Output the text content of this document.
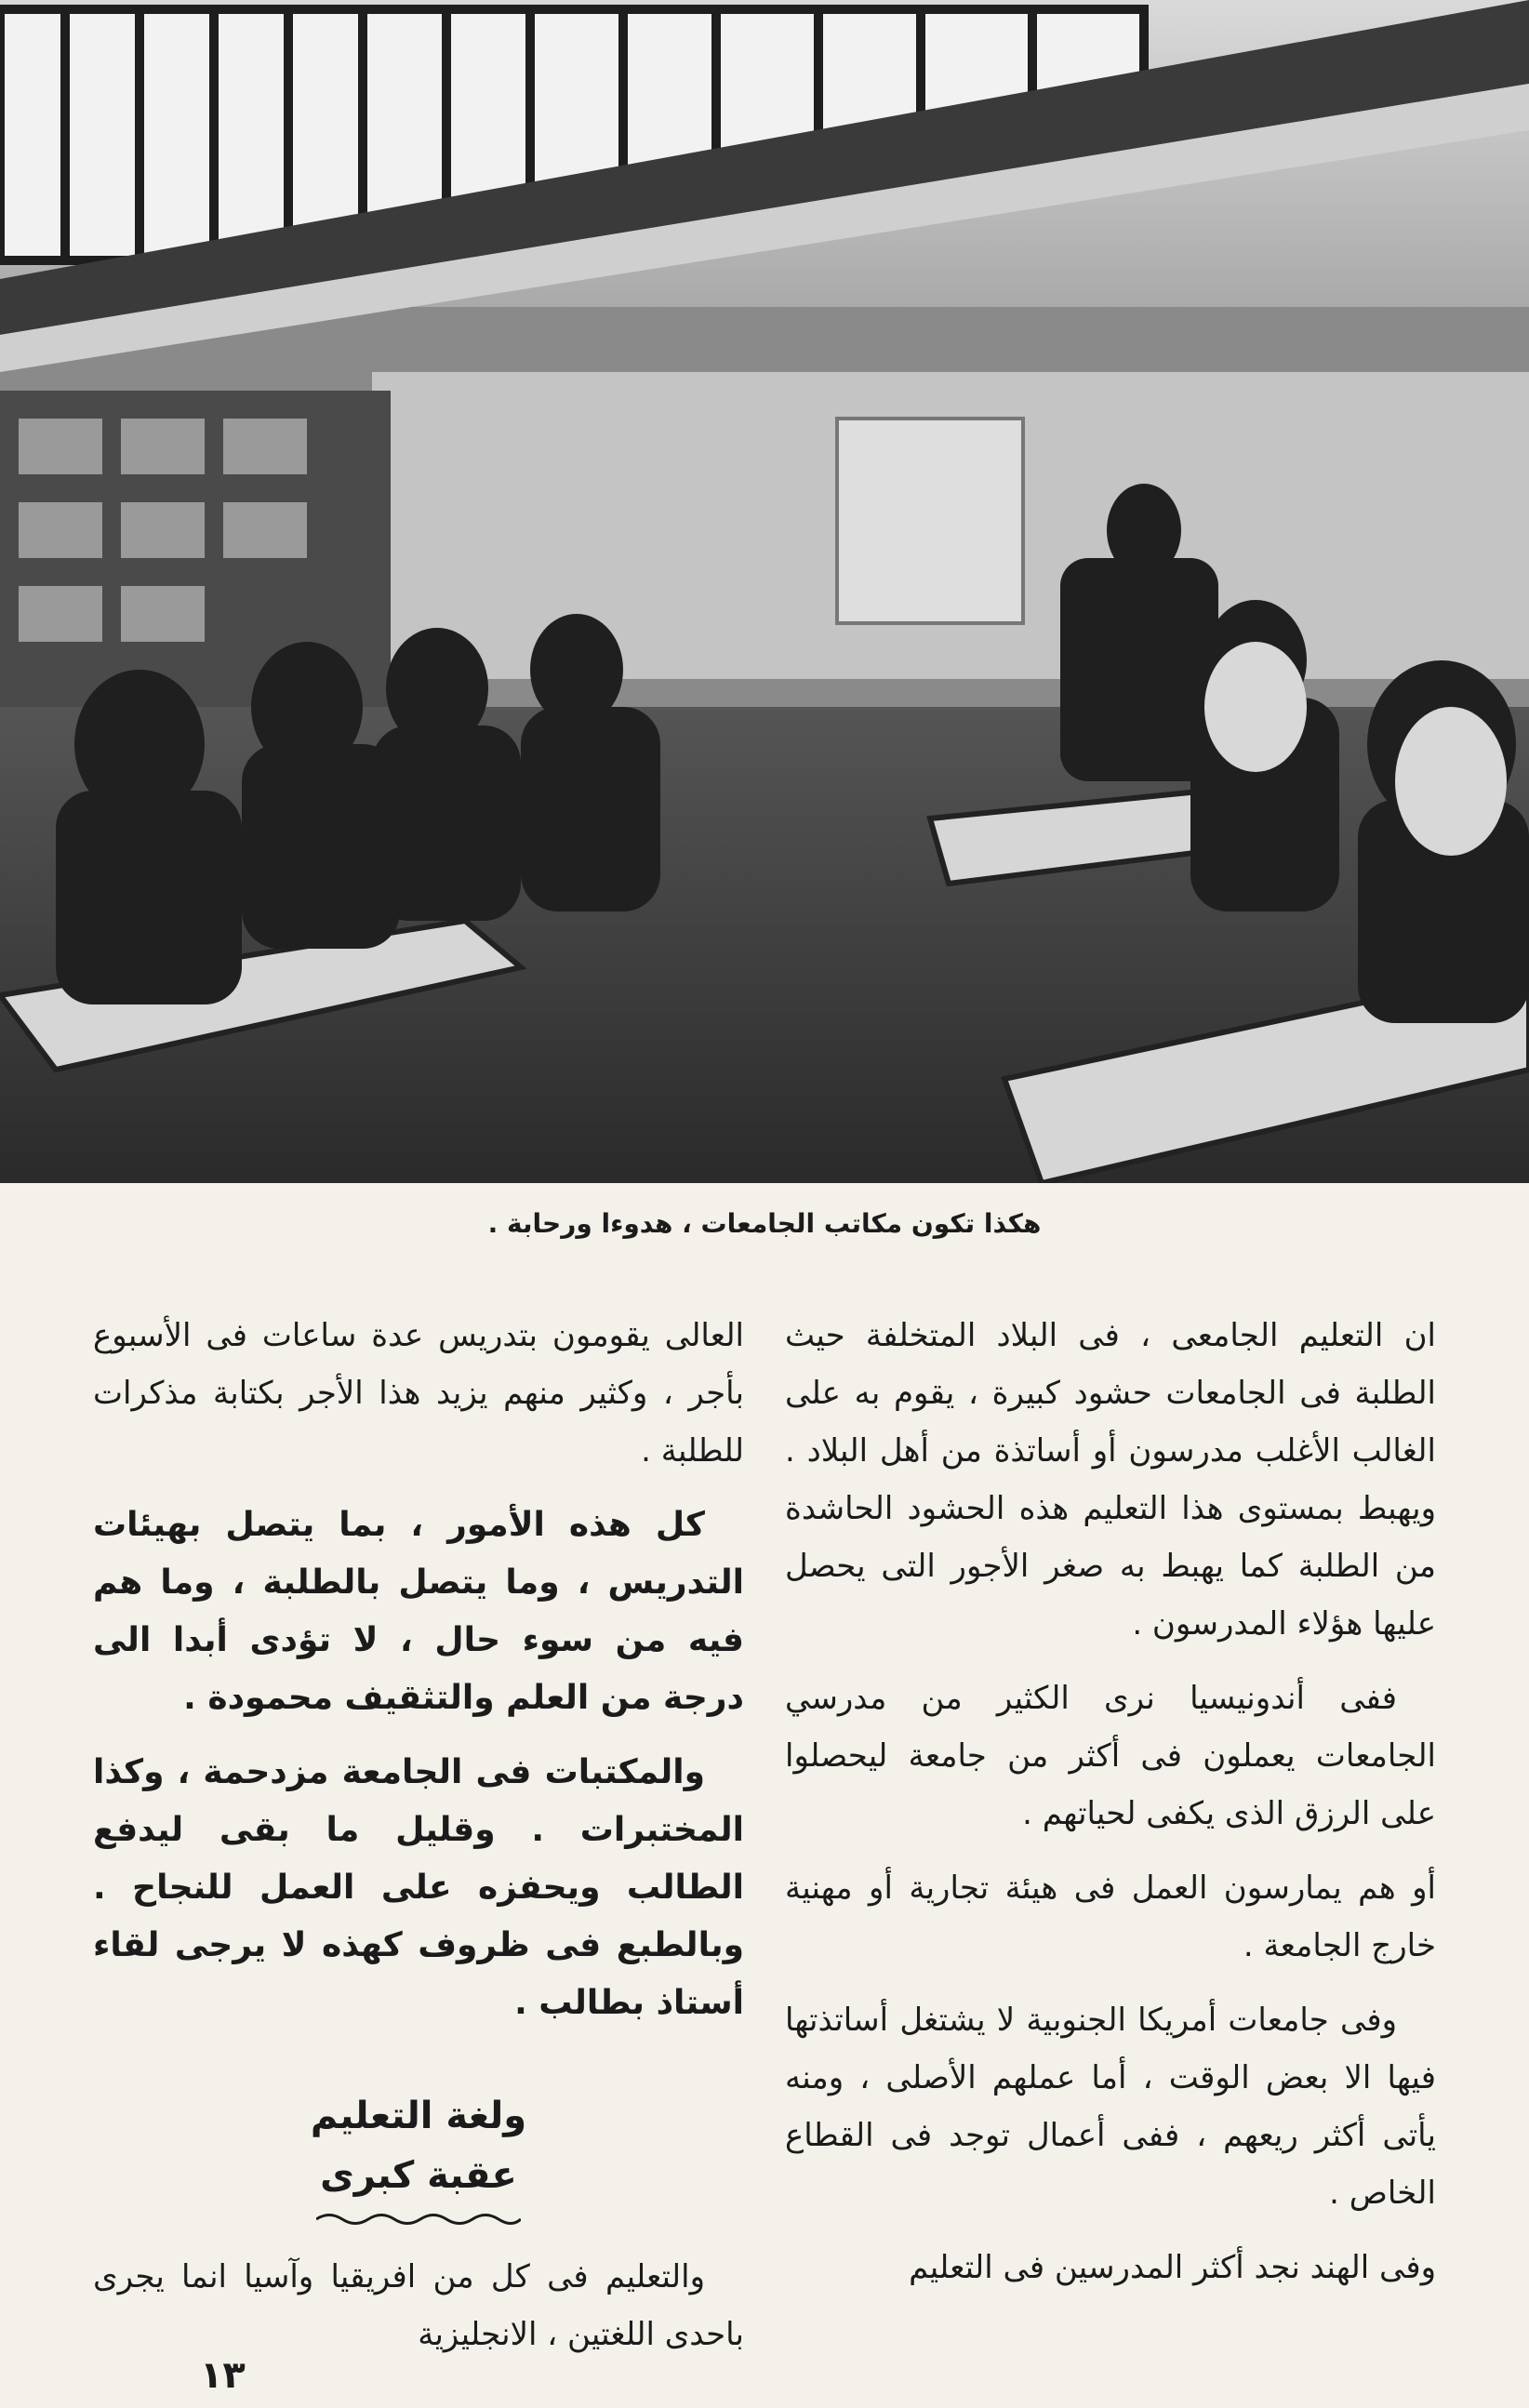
هكذا تكون مكاتب الجامعات ، هدوءا ورحابة .

ان التعليم الجامعى ، فى البلاد المتخلفة حيث الطلبة فى الجامعات حشود كبيرة ، يقوم به على الغالب الأغلب مدرسون أو أساتذة من أهل البلاد . ويهبط بمستوى هذا التعليم هذه الحشود الحاشدة من الطلبة كما يهبط به صغر الأجور التى يحصل عليها هؤلاء المدرسون .

ففى أندونيسيا نرى الكثير من مدرسي الجامعات يعملون فى أكثر من جامعة ليحصلوا على الرزق الذى يكفى لحياتهم .

أو هم يمارسون العمل فى هيئة تجارية أو مهنية خارج الجامعة .

وفى جامعات أمريكا الجنوبية لا يشتغل أساتذتها فيها الا بعض الوقت ، أما عملهم الأصلى ، ومنه يأتى أكثر ريعهم ، ففى أعمال توجد فى القطاع الخاص .

وفى الهند نجد أكثر المدرسين فى التعليم

العالى يقومون بتدريس عدة ساعات فى الأسبوع بأجر ، وكثير منهم يزيد هذا الأجر بكتابة مذكرات للطلبة .

كل هذه الأمور ، بما يتصل بهيئات التدريس ، وما يتصل بالطلبة ، وما هم فيه من سوء حال ، لا تؤدى أبدا الى درجة من العلم والتثقيف محمودة .

والمكتبات فى الجامعة مزدحمة ، وكذا المختبرات . وقليل ما بقى ليدفع الطالب ويحفزه على العمل للنجاح . وبالطبع فى ظروف كهذه لا يرجى لقاء أستاذ بطالب .

ولغة التعليم
عقبة كبرى

والتعليم فى كل من افريقيا وآسيا انما يجرى باحدى اللغتين ، الانجليزية

١٣
